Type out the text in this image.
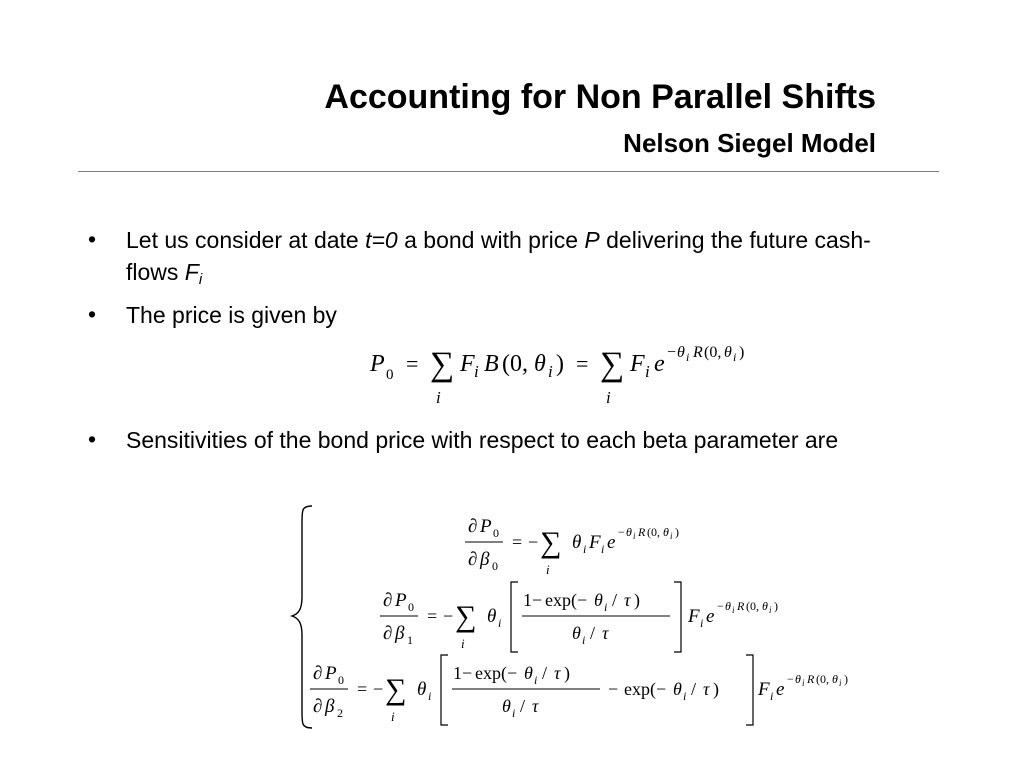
Accounting for Non Parallel Shifts
Nelson Siegel Model
• Let us consider at date t=0 a bond with price P delivering the future cash-flows $F_i$
• The price is given by
P 0 = ∑
i
F i B (0, θ i ) = ∑
i
F i e − θ i R (0, θ i )
• Sensitivities of the bond price with respect to each beta parameter are
∂ P 0
∂ β 0
= − ∑
i
θ i F i e − θ i R (0, θ i )
∂ P 0
∂ β 1
= − ∑
i
θ i
1− exp(− θ i / τ )
θ i / τ
F i e − θ i R (0, θ i )
∂ P 0
∂ β 2
= − ∑
i
θ i
1− exp(− θ i / τ )
θ i / τ
− exp(− θ i / τ ) F i e − θ i R (0, θ i )
